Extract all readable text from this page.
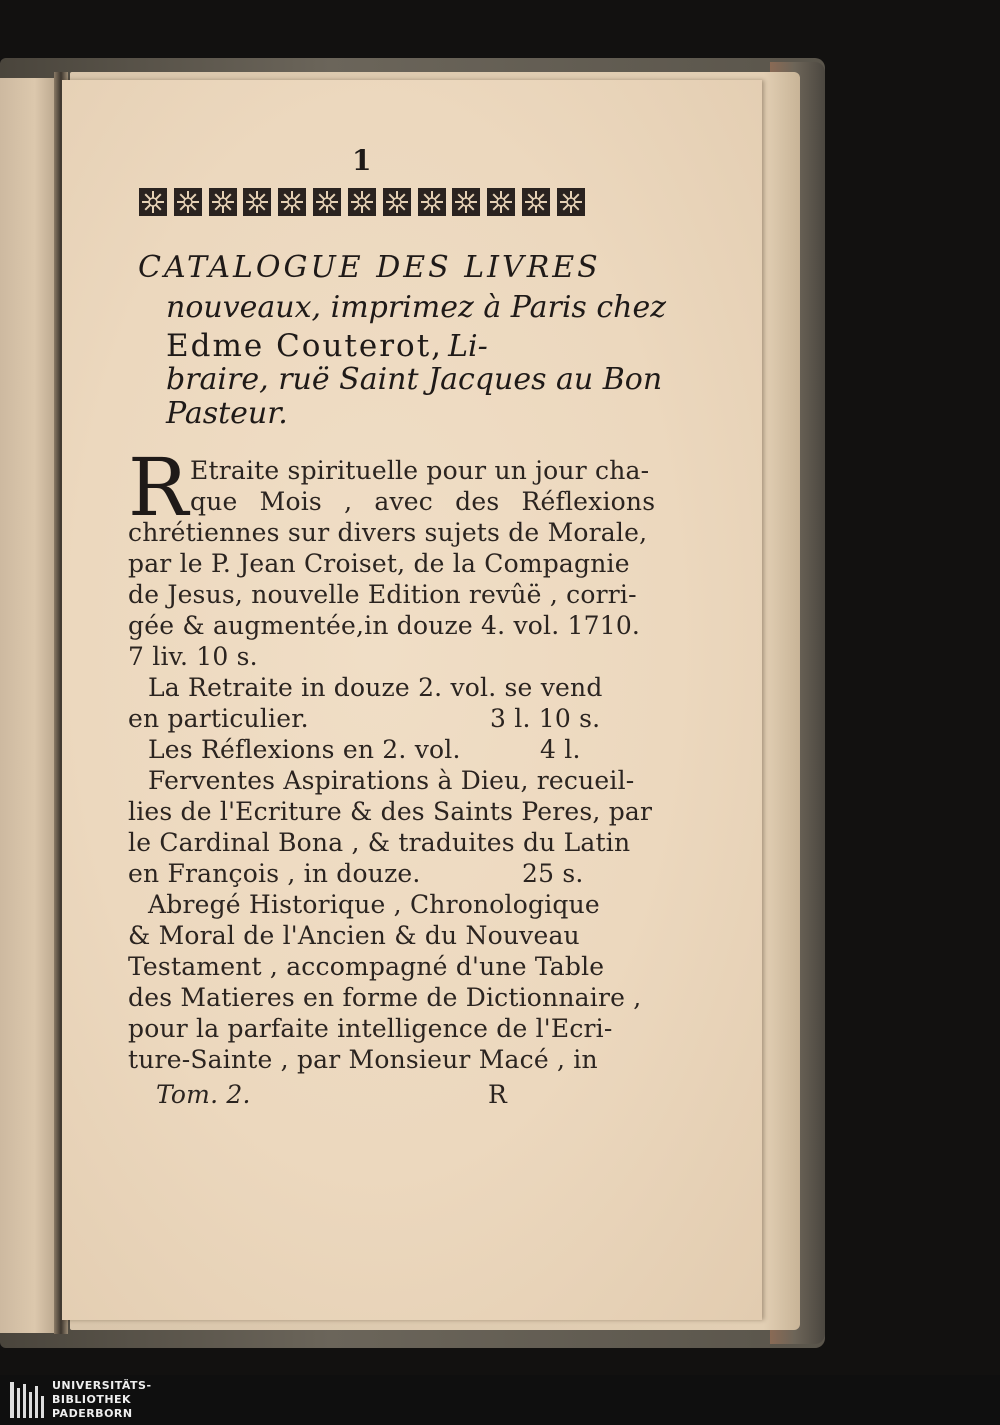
1
CATALOGUE DES LIVRES
nouveaux, imprimez à Paris chez
Edme Couterot, Li-
braire, ruë Saint Jacques au Bon
Pasteur.
R Etraite spirituelle pour un jour cha-
que Mois , avec des Réflexions
chrétiennes sur divers sujets de Morale,
par le P. Jean Croiset, de la Compagnie
de Jesus, nouvelle Edition revûë , corri-
gée & augmentée,in douze 4. vol. 1710.
7 liv. 10 s.
La Retraite in douze 2. vol. se vend
en particulier.	3 l. 10 s.
Les Réflexions en 2. vol.	4 l.
Ferventes Aspirations à Dieu, recueil-
lies de l'Ecriture & des Saints Peres, par
le Cardinal Bona , & traduites du Latin
en François , in douze.	25 s.
Abregé Historique , Chronologique
& Moral de l'Ancien & du Nouveau
Testament , accompagné d'une Table
des Matieres en forme de Dictionnaire ,
pour la parfaite intelligence de l'Ecri-
ture-Sainte , par Monsieur Macé , in
Tom. 2.	R
UNIVERSITÄTS-
BIBLIOTHEK
PADERBORN
